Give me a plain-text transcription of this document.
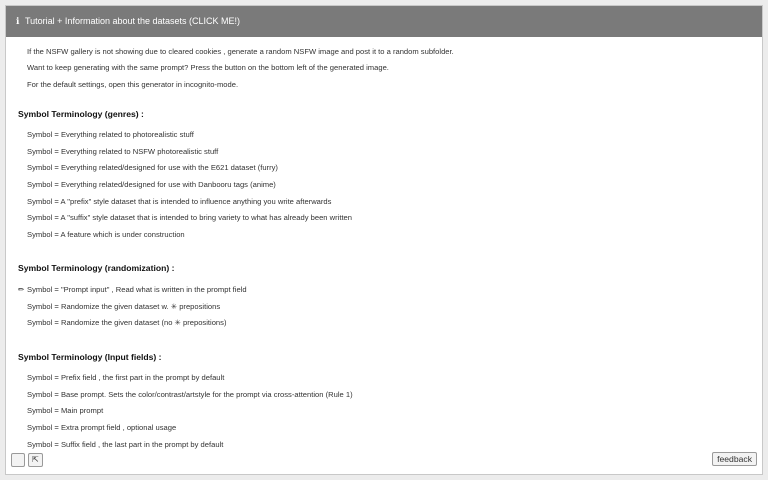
ℹ Tutorial + Information about the datasets (CLICK ME!)
If the NSFW gallery is not showing due to cleared cookies , generate a random NSFW image and post it to a random subfolder.
Want to keep generating with the same prompt? Press the button on the bottom left of the generated image.
For the default settings, open this generator in incognito-mode.
Symbol Terminology (genres) :
Symbol = Everything related to photorealistic stuff
Symbol = Everything related to NSFW photorealistic stuff
Symbol = Everything related/designed for use with the E621 dataset (furry)
Symbol = Everything related/designed for use with Danbooru tags (anime)
Symbol = A "prefix" style dataset that is intended to influence anything you write afterwards
Symbol = A "suffix" style dataset that is intended to bring variety to what has already been written
Symbol = A feature which is under construction
Symbol Terminology (randomization) :
✏ Symbol = "Prompt input" , Read what is written in the prompt field
Symbol = Randomize the given dataset w. ✳ prepositions
Symbol = Randomize the given dataset (no ✳ prepositions)
Symbol Terminology (Input fields) :
Symbol = Prefix field , the first part in the prompt by default
Symbol = Base prompt. Sets the color/contrast/artstyle for the prompt via cross-attention (Rule 1)
Symbol = Main prompt
Symbol = Extra prompt field , optional usage
Symbol = Suffix field , the last part in the prompt by default
⇱	feedback
